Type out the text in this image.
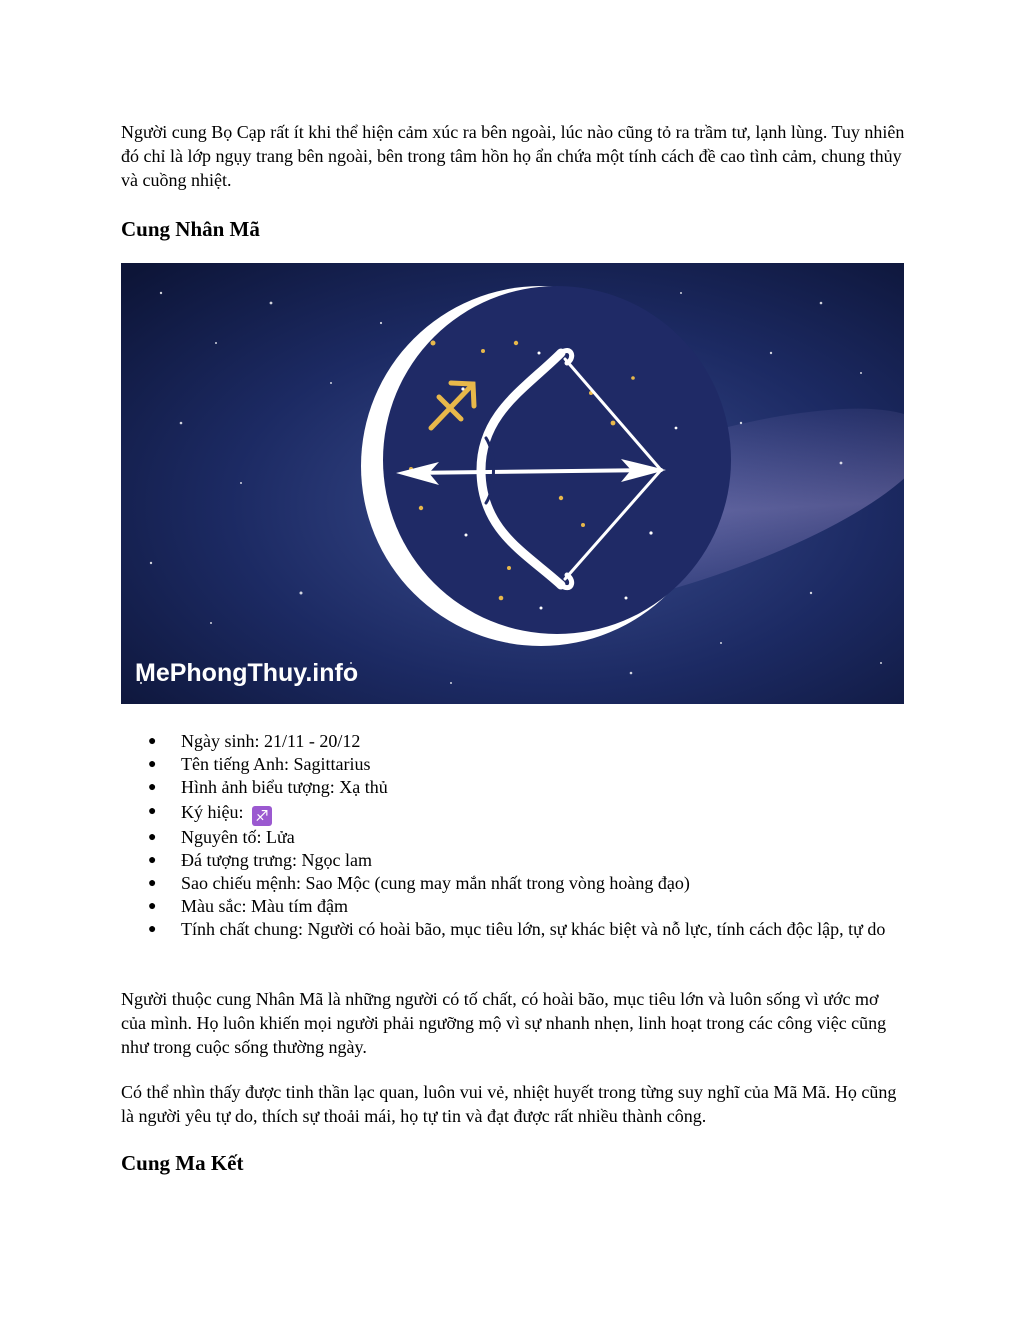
Người cung Bọ Cạp rất ít khi thể hiện cảm xúc ra bên ngoài, lúc nào cũng tỏ ra trầm tư, lạnh lùng. Tuy nhiên đó chỉ là lớp ngụy trang bên ngoài, bên trong tâm hồn họ ẩn chứa một tính cách đề cao tình cảm, chung thủy và cuồng nhiệt.

Cung Nhân Mã
MePhongThuy.info
● Ngày sinh: 21/11 - 20/12
● Tên tiếng Anh: Sagittarius
● Hình ảnh biểu tượng: Xạ thủ
● Ký hiệu: ♐
● Nguyên tố: Lửa
● Đá tượng trưng: Ngọc lam
● Sao chiếu mệnh: Sao Mộc (cung may mắn nhất trong vòng hoàng đạo)
● Màu sắc: Màu tím đậm
● Tính chất chung: Người có hoài bão, mục tiêu lớn, sự khác biệt và nỗ lực, tính cách độc lập, tự do

Người thuộc cung Nhân Mã là những người có tố chất, có hoài bão, mục tiêu lớn và luôn sống vì ước mơ của mình. Họ luôn khiến mọi người phải ngưỡng mộ vì sự nhanh nhẹn, linh hoạt trong các công việc cũng như trong cuộc sống thường ngày.

Có thể nhìn thấy được tinh thần lạc quan, luôn vui vẻ, nhiệt huyết trong từng suy nghĩ của Mã Mã. Họ cũng là người yêu tự do, thích sự thoải mái, họ tự tin và đạt được rất nhiều thành công.

Cung Ma Kết
